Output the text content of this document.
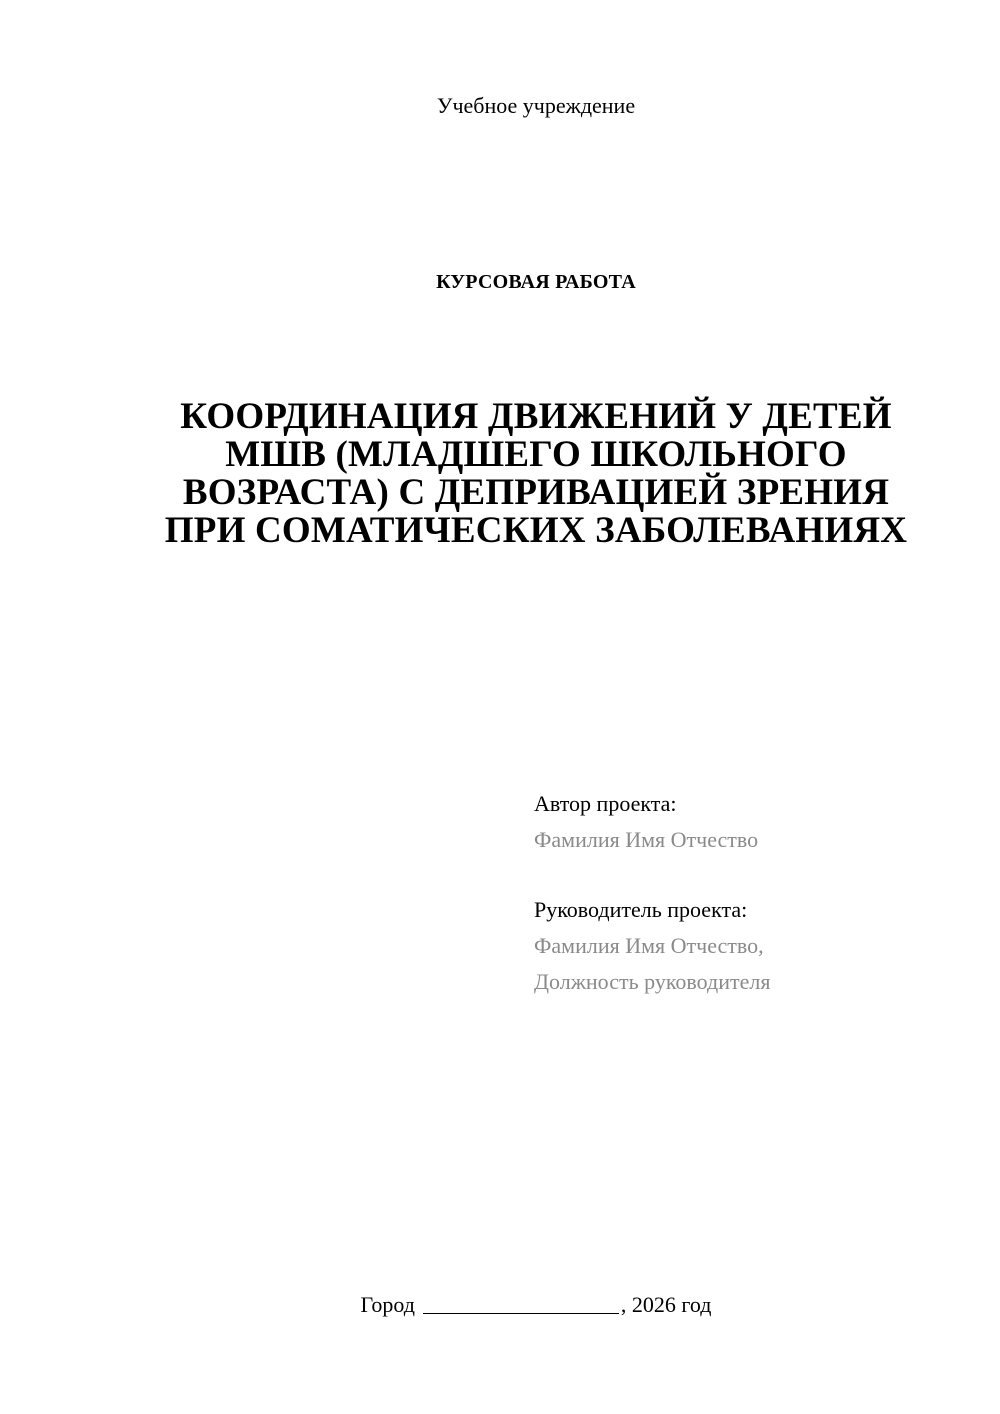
Учебное учреждение
КУРСОВАЯ РАБОТА
КООРДИНАЦИЯ ДВИЖЕНИЙ У ДЕТЕЙ
МШВ (МЛАДШЕГО ШКОЛЬНОГО
ВОЗРАСТА) С ДЕПРИВАЦИЕЙ ЗРЕНИЯ
ПРИ СОМАТИЧЕСКИХ ЗАБОЛЕВАНИЯХ
Автор проекта:
Фамилия Имя Отчество
Руководитель проекта:
Фамилия Имя Отчество,
Должность руководителя
Город	, 2026 год
